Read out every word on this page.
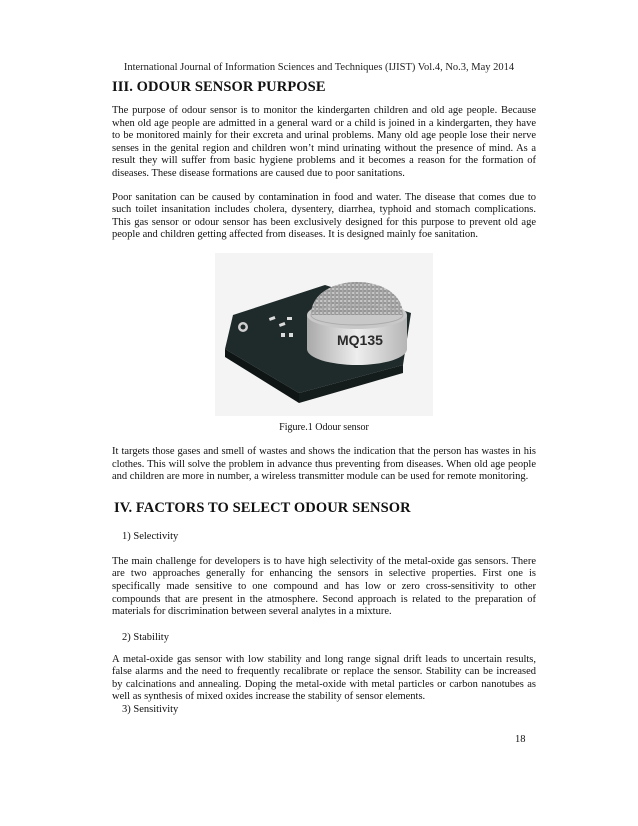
International Journal of Information Sciences and Techniques (IJIST) Vol.4, No.3, May 2014
III. ODOUR SENSOR PURPOSE

The purpose of odour sensor is to monitor the kindergarten children and old age people. Because when old age people are admitted in a general ward or a child is joined in a kindergarten, they have to be monitored mainly for their excreta and urinal problems. Many old age people lose their nerve senses in the genital region and children won’t mind urinating without the presence of mind. As a result they will suffer from basic hygiene problems and it becomes a reason for the formation of diseases. These disease formations are caused due to poor sanitations.

Poor sanitation can be caused by contamination in food and water. The disease that comes due to such toilet insanitation includes cholera, dysentery, diarrhea, typhoid and stomach complications. This gas sensor or odour sensor has been exclusively designed for this purpose to prevent old age people and children getting affected from diseases. It is designed mainly foe sanitation.

MQ135
Figure.1 Odour sensor

It targets those gases and smell of wastes and shows the indication that the person has wastes in his clothes. This will solve the problem in advance thus preventing from diseases. When old age people and children are more in number, a wireless transmitter module can be used for remote monitoring.

IV. FACTORS TO SELECT ODOUR SENSOR
1) Selectivity

The main challenge for developers is to have high selectivity of the metal-oxide gas sensors. There are two approaches generally for enhancing the sensors in selective properties. First one is specifically made sensitive to one compound and has low or zero cross-sensitivity to other compounds that are present in the atmosphere. Second approach is related to the preparation of materials for discrimination between several analytes in a mixture.

2) Stability

A metal-oxide gas sensor with low stability and long range signal drift leads to uncertain results, false alarms and the need to frequently recalibrate or replace the sensor. Stability can be increased by calcinations and annealing. Doping the metal-oxide with metal particles or carbon nanotubes as well as synthesis of mixed oxides increase the stability of sensor elements.

3) Sensitivity
18
